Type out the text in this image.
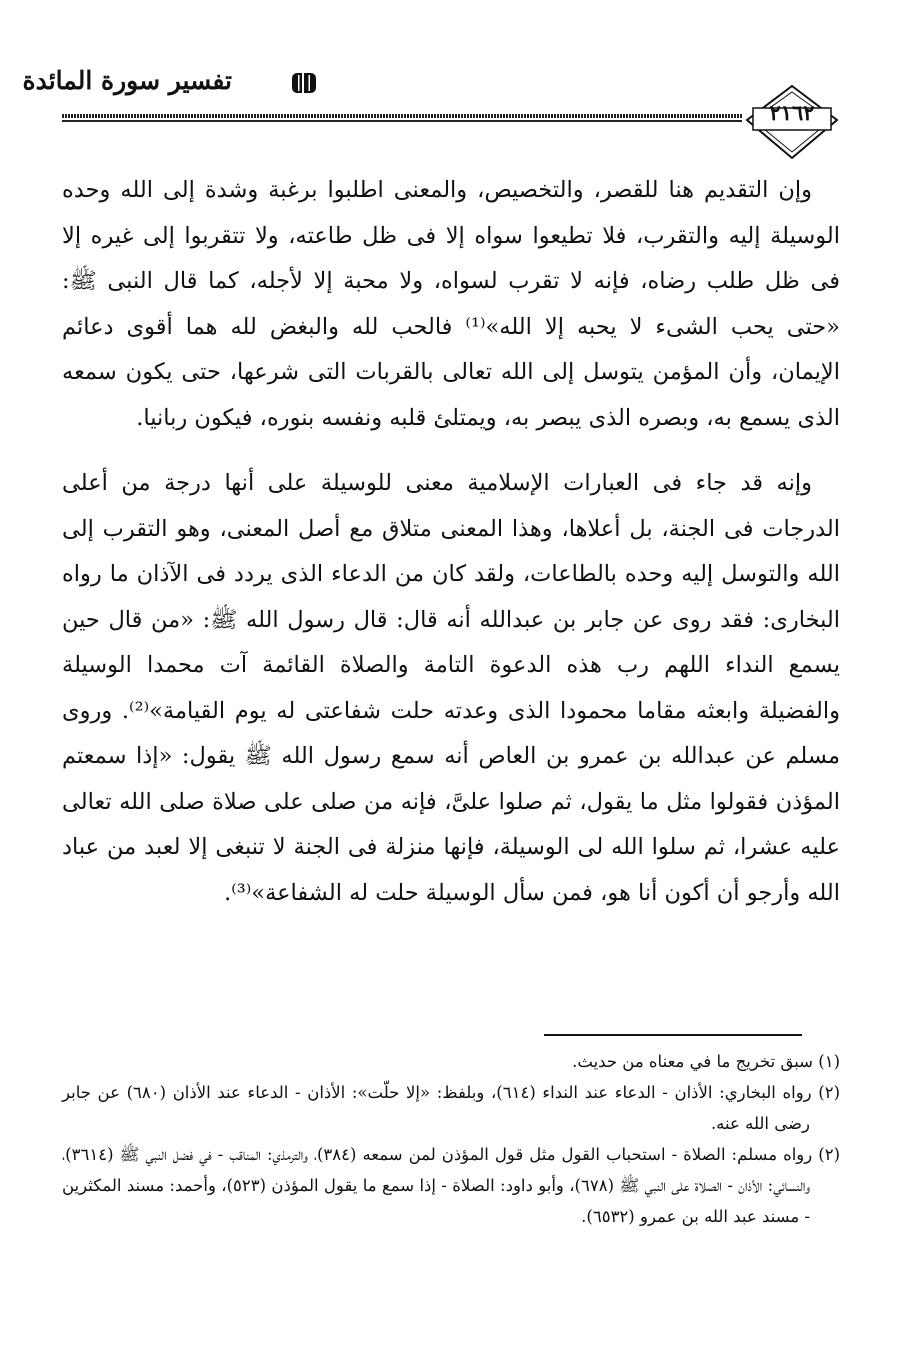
تفسير سورة المائدة
٢١٦٢

وإن التقديم هنا للقصر، والتخصيص، والمعنى اطلبوا برغبة وشدة إلى الله وحده الوسيلة إليه والتقرب، فلا تطيعوا سواه إلا فى ظل طاعته، ولا تتقربوا إلى غيره إلا فى ظل طلب رضاه، فإنه لا تقرب لسواه، ولا محبة إلا لأجله، كما قال النبى ﷺ: «حتى يحب الشىء لا يحبه إلا الله»⁽¹⁾ فالحب لله والبغض لله هما أقوى دعائم الإيمان، وأن المؤمن يتوسل إلى الله تعالى بالقربات التى شرعها، حتى يكون سمعه الذى يسمع به، وبصره الذى يبصر به، ويمتلئ قلبه ونفسه بنوره، فيكون ربانيا.

وإنه قد جاء فى العبارات الإسلامية معنى للوسيلة على أنها درجة من أعلى الدرجات فى الجنة، بل أعلاها، وهذا المعنى متلاق مع أصل المعنى، وهو التقرب إلى الله والتوسل إليه وحده بالطاعات، ولقد كان من الدعاء الذى يردد فى الآذان ما رواه البخارى: فقد روى عن جابر بن عبدالله أنه قال: قال رسول الله ﷺ: «من قال حين يسمع النداء اللهم رب هذه الدعوة التامة والصلاة القائمة آت محمدا الوسيلة والفضيلة وابعثه مقاما محمودا الذى وعدته حلت شفاعتى له يوم القيامة»⁽²⁾. وروى مسلم عن عبدالله بن عمرو بن العاص أنه سمع رسول الله ﷺ يقول: «إذا سمعتم المؤذن فقولوا مثل ما يقول، ثم صلوا علىَّ، فإنه من صلى على صلاة صلى الله تعالى عليه عشرا، ثم سلوا الله لى الوسيلة، فإنها منزلة فى الجنة لا تنبغى إلا لعبد من عباد الله وأرجو أن أكون أنا هو، فمن سأل الوسيلة حلت له الشفاعة»⁽³⁾.

(١) سبق تخريج ما في معناه من حديث.

(٢) رواه البخاري: الأذان - الدعاء عند النداء (٦١٤)، وبلفظ: «إلا حلّت»: الأذان - الدعاء عند الأذان (٦٨٠) عن جابر رضى الله عنه.

(٢) رواه مسلم: الصلاة - استحباب القول مثل قول المؤذن لمن سمعه (٣٨٤)، والترمذي: المناقب - في فضل النبي ﷺ (٣٦١٤)، والنسائي: الأذان - الصلاة على النبي ﷺ (٦٧٨)، وأبو داود: الصلاة - إذا سمع ما يقول المؤذن (٥٢٣)، وأحمد: مسند المكثرين - مسند عبد الله بن عمرو (٦٥٣٢).
